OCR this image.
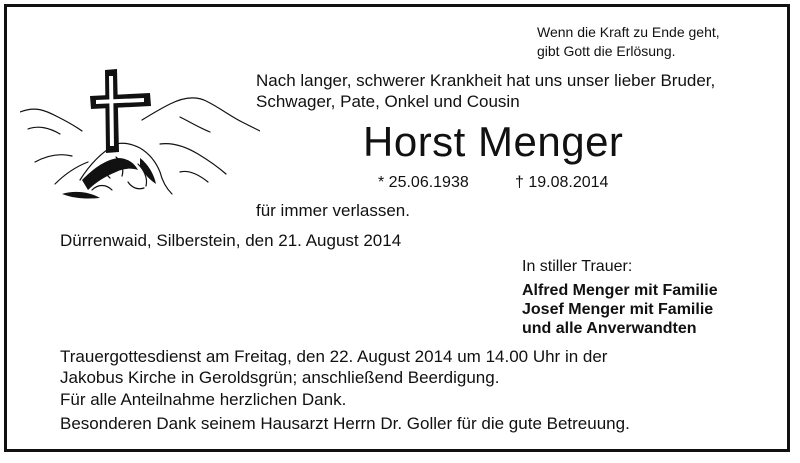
Wenn die Kraft zu Ende geht,
gibt Gott die Erlösung.
Nach langer, schwerer Krankheit hat uns unser lieber Bruder,
Schwager, Pate, Onkel und Cousin
Horst Menger
* 25.06.1938	† 19.08.2014
für immer verlassen.
Dürrenwaid, Silberstein, den 21. August 2014
In stiller Trauer:
Alfred Menger mit Familie
Josef Menger mit Familie
und alle Anverwandten
Trauergottesdienst am Freitag, den 22. August 2014 um 14.00 Uhr in der
Jakobus Kirche in Geroldsgrün; anschließend Beerdigung.
Für alle Anteilnahme herzlichen Dank.
Besonderen Dank seinem Hausarzt Herrn Dr. Goller für die gute Betreuung.
